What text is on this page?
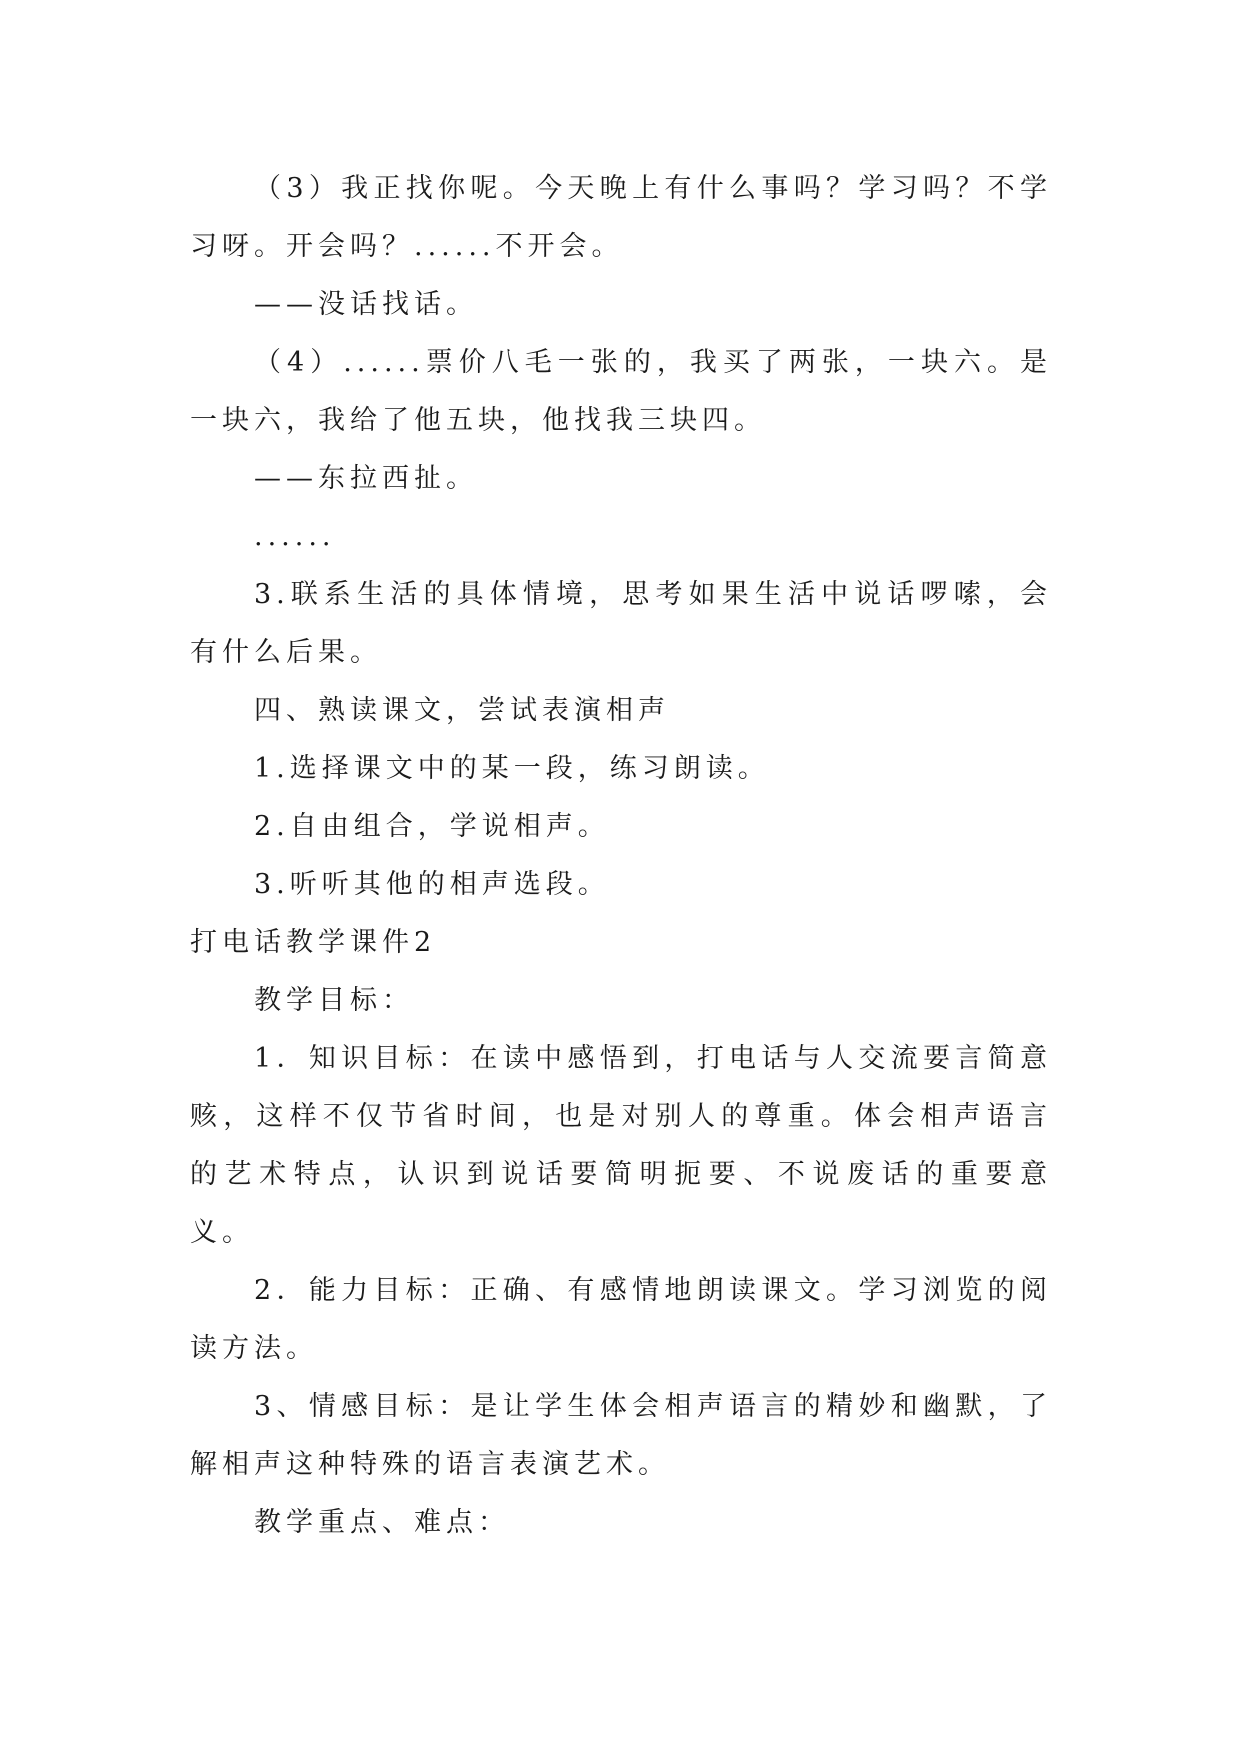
（3）我正找你呢。今天晚上有什么事吗？学习吗？不学习呀。开会吗？......不开会。

——没话找话。

（4）......票价八毛一张的，我买了两张，一块六。是一块六，我给了他五块，他找我三块四。

——东拉西扯。

......

3.联系生活的具体情境，思考如果生活中说话啰嗦，会有什么后果。

四、熟读课文，尝试表演相声

1.选择课文中的某一段，练习朗读。

2.自由组合，学说相声。

3.听听其他的相声选段。

打电话教学课件2

教学目标：

1．知识目标：在读中感悟到，打电话与人交流要言简意赅，这样不仅节省时间，也是对别人的尊重。体会相声语言的艺术特点，认识到说话要简明扼要、不说废话的重要意义。

2．能力目标：正确、有感情地朗读课文。学习浏览的阅读方法。

3、情感目标：是让学生体会相声语言的精妙和幽默，了解相声这种特殊的语言表演艺术。

教学重点、难点：
